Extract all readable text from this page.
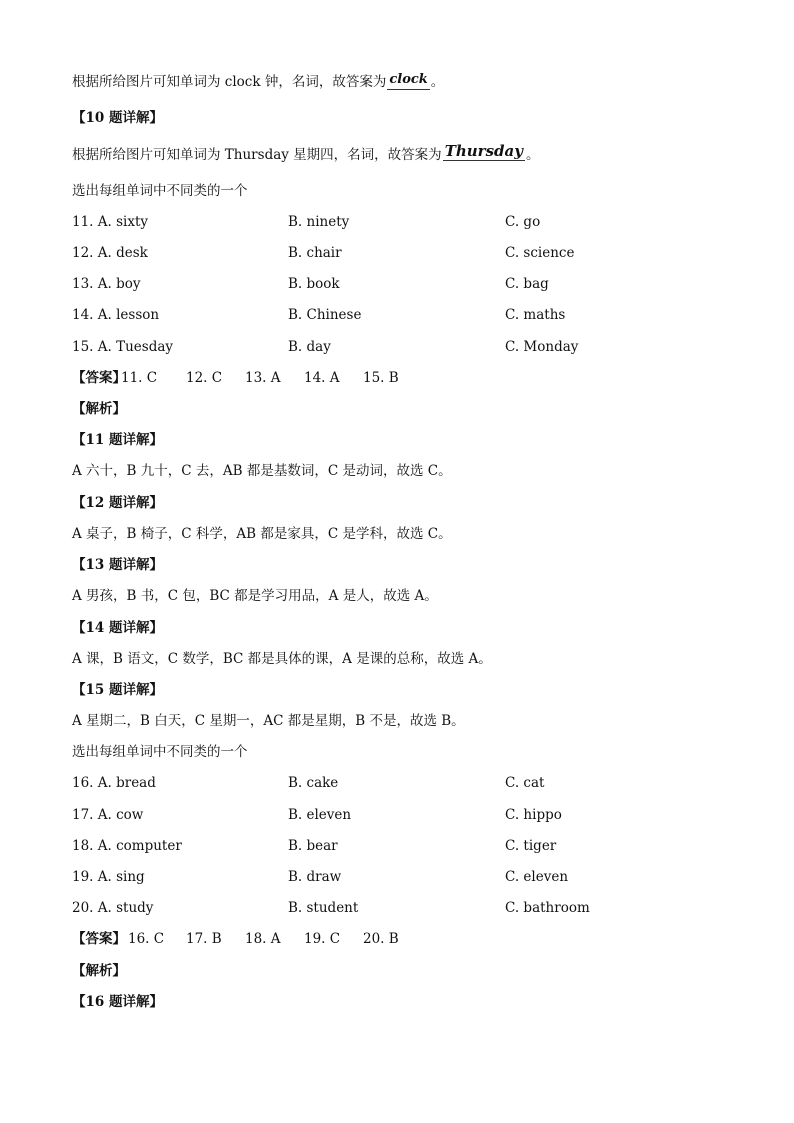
根据所给图片可知单词为 clock 钟，名词，故答案为 clock 。
【10 题详解】
根据所给图片可知单词为 Thursday 星期四，名词，故答案为 Thursday 。
选出每组单词中不同类的一个
11. A. sixty	B. ninety	C. go
12. A. desk	B. chair	C. science
13. A. boy	B. book	C. bag
14. A. lesson	B. Chinese	C. maths
15. A. Tuesday	B. day	C. Monday
【答案】
11. C 12. C 13. A 14. A 15. B
【解析】
【11 题详解】
A 六十，B 九十，C 去，AB 都是基数词，C 是动词，故选 C。
【12 题详解】
A 桌子，B 椅子，C 科学，AB 都是家具，C 是学科，故选 C。
【13 题详解】
A 男孩，B 书，C 包，BC 都是学习用品，A 是人，故选 A。
【14 题详解】
A 课，B 语文，C 数学，BC 都是具体的课，A 是课的总称，故选 A。
【15 题详解】
A 星期二，B 白天，C 星期一，AC 都是星期，B 不是，故选 B。
选出每组单词中不同类的一个
16. A. bread	B. cake	C. cat
17. A. cow	B. eleven	C. hippo
18. A. computer	B. bear	C. tiger
19. A. sing	B. draw	C. eleven
20. A. study	B. student	C. bathroom
【答案】 16. C 17. B 18. A 19. C 20. B
【解析】
【16 题详解】
